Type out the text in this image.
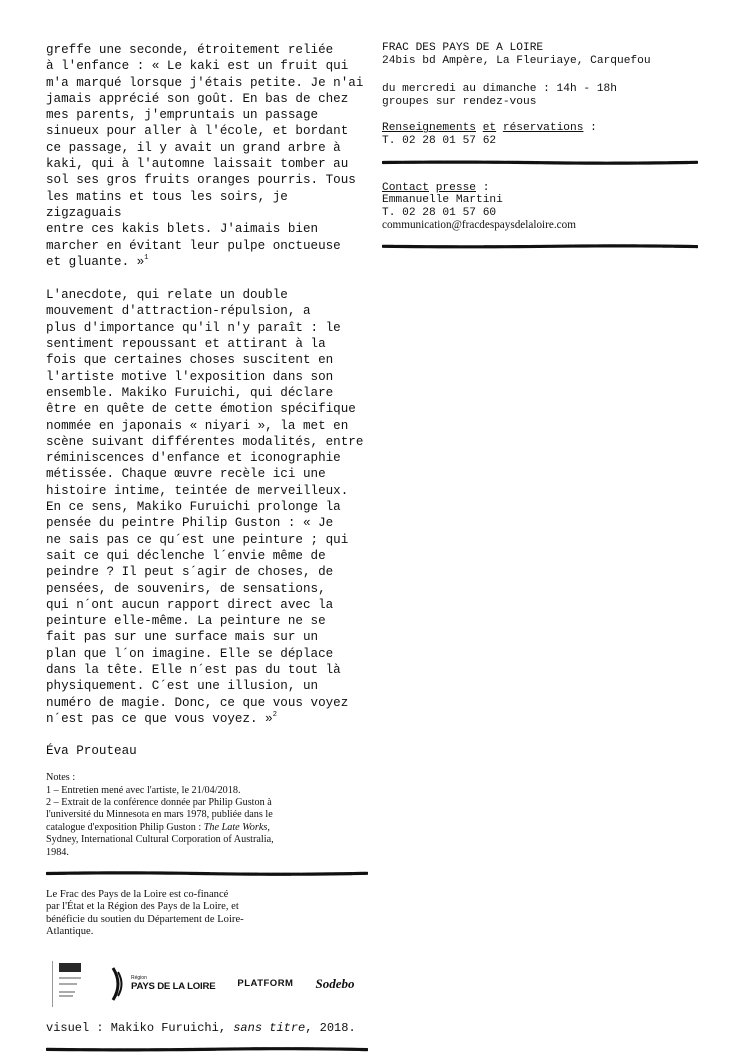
greffe une seconde, étroitement reliée
à l'enfance : « Le kaki est un fruit qui
m'a marqué lorsque j'étais petite. Je n'ai
jamais apprécié son goût. En bas de chez
mes parents, j'empruntais un passage
sinueux pour aller à l'école, et bordant
ce passage, il y avait un grand arbre à
kaki, qui à l'automne laissait tomber au
sol ses gros fruits oranges pourris. Tous
les matins et tous les soirs, je zigzaguais
entre ces kakis blets. J'aimais bien
marcher en évitant leur pulpe onctueuse
et gluante. »$^1$

L'anecdote, qui relate un double
mouvement d'attraction-répulsion, a
plus d'importance qu'il n'y paraît : le
sentiment repoussant et attirant à la
fois que certaines choses suscitent en
l'artiste motive l'exposition dans son
ensemble. Makiko Furuichi, qui déclare
être en quête de cette émotion spécifique
nommée en japonais « niyari », la met en
scène suivant différentes modalités, entre
réminiscences d'enfance et iconographie
métissée. Chaque œuvre recèle ici une
histoire intime, teintée de merveilleux.
En ce sens, Makiko Furuichi prolonge la
pensée du peintre Philip Guston : « Je
ne sais pas ce qu´est une peinture ; qui
sait ce qui déclenche l´envie même de
peindre ? Il peut s´agir de choses, de
pensées, de souvenirs, de sensations,
qui n´ont aucun rapport direct avec la
peinture elle-même. La peinture ne se
fait pas sur une surface mais sur un
plan que l´on imagine. Elle se déplace
dans la tête. Elle n´est pas du tout là
physiquement. C´est une illusion, un
numéro de magie. Donc, ce que vous voyez
n´est pas ce que vous voyez. »$^2$

Éva Prouteau
Notes :
1 – Entretien mené avec l'artiste, le 21/04/2018.
2 – Extrait de la conférence donnée par Philip Guston à
l'université du Minnesota en mars 1978, publiée dans le
catalogue d'exposition Philip Guston : The Late Works,
Sydney, International Cultural Corporation of Australia,
1984.
Le Frac des Pays de la Loire est co-financé
par l'État et la Région des Pays de la Loire, et
bénéficie du soutien du Département de Loire-
Atlantique.
Région
PAYS DE LA LOIRE PLATFORM Sodebo
visuel : Makiko Furuichi, sans titre, 2018.
FRAC DES PAYS DE A LOIRE
24bis bd Ampère, La Fleuriaye, Carquefou
du mercredi au dimanche : 14h - 18h
groupes sur rendez-vous
Renseignements et réservations :
T. 02 28 01 57 62
Contact presse :
Emmanuelle Martini
T. 02 28 01 57 60
communication@fracdespaysdelaloire.com
